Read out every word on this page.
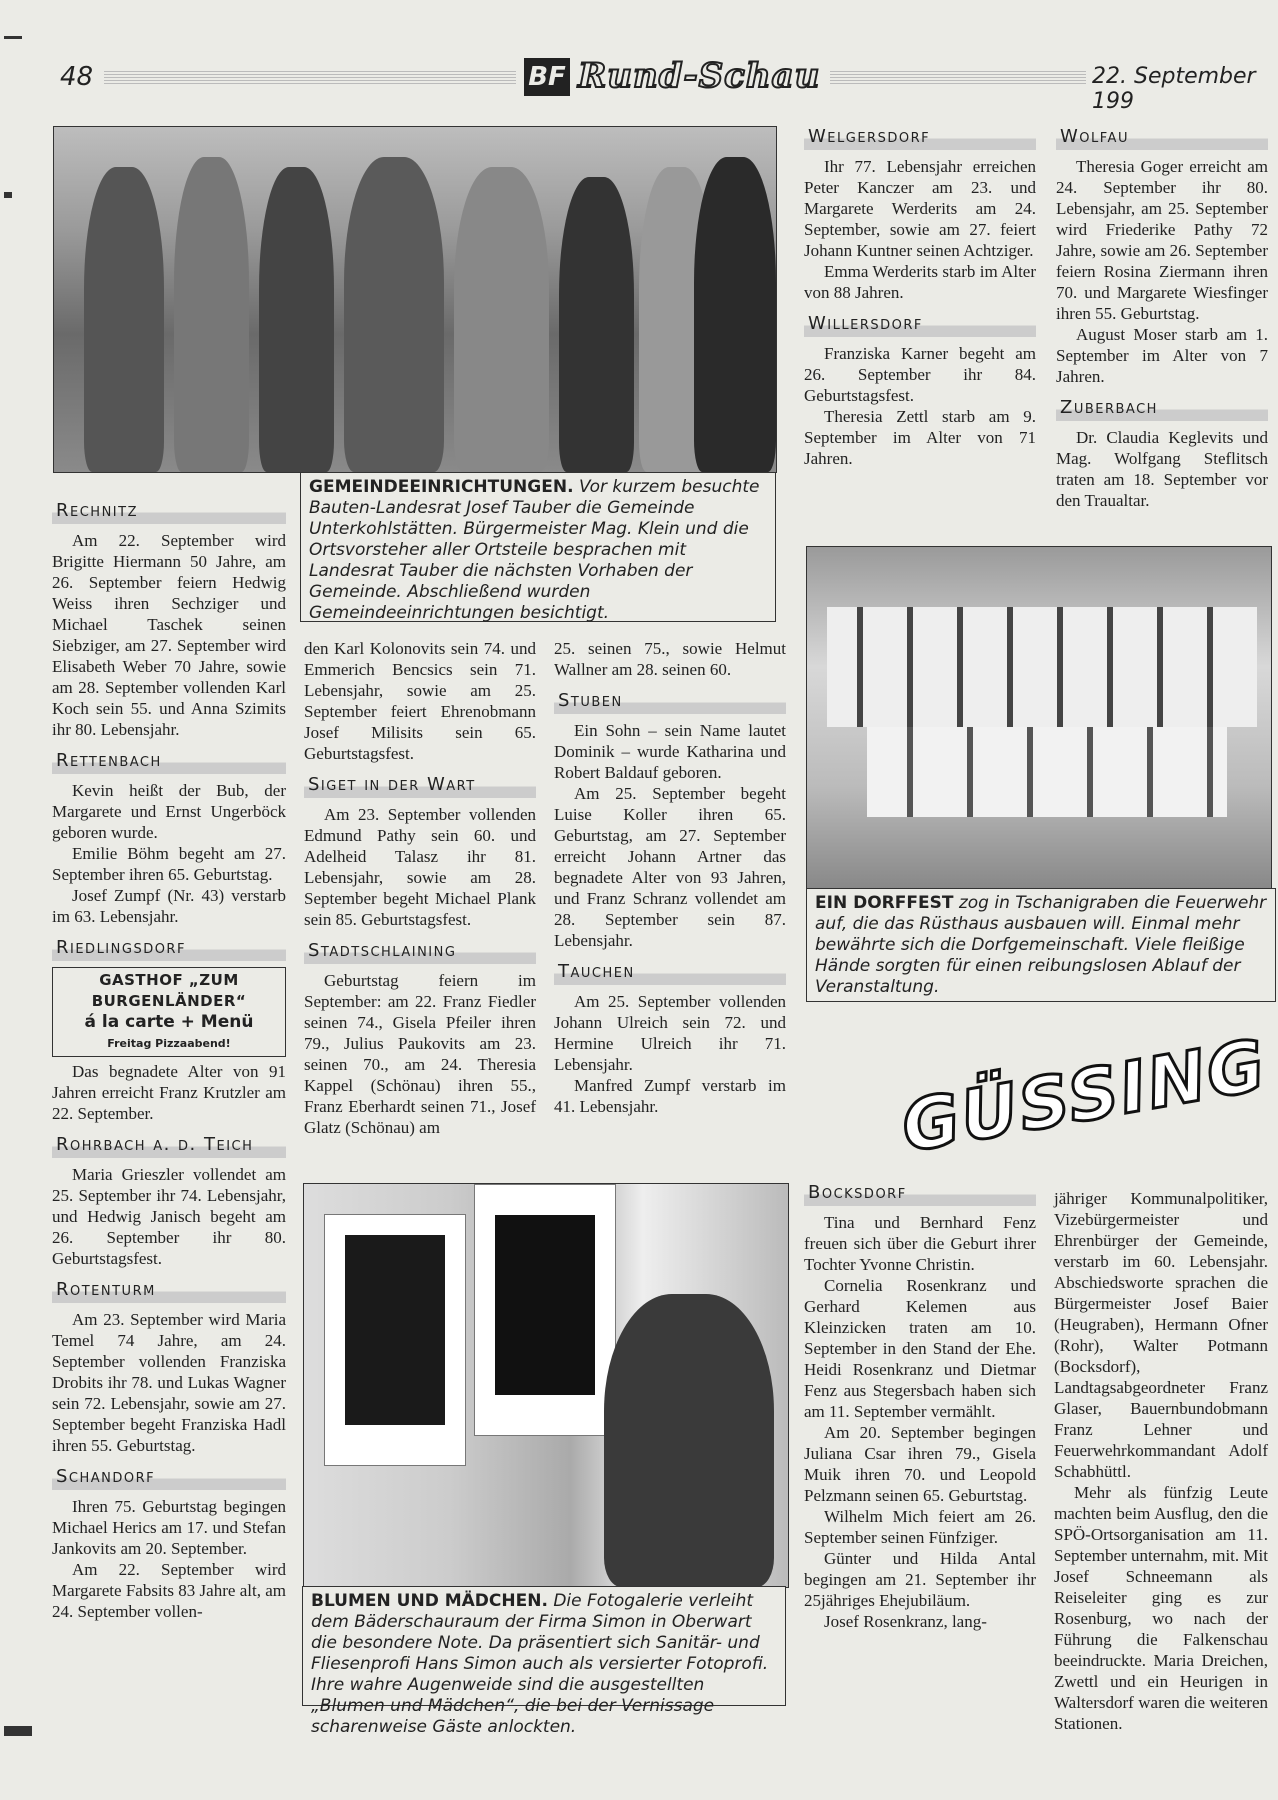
48	BF Rund-Schau	22. September 199
GEMEINDEEINRICHTUNGEN. Vor kurzem besuchte Bauten-Landesrat Josef Tauber die Gemeinde Unterkohlstätten. Bürgermeister Mag. Klein und die Ortsvorsteher aller Ortsteile besprachen mit Landesrat Tauber die nächsten Vorhaben der Gemeinde. Abschließend wurden Gemeindeeinrichtungen besichtigt.
Rechnitz

Am 22. September wird Brigitte Hiermann 50 Jahre, am 26. September feiern Hedwig Weiss ihren Sechziger und Michael Taschek seinen Siebziger, am 27. September wird Elisabeth Weber 70 Jahre, sowie am 28. September vollenden Karl Koch sein 55. und Anna Szimits ihr 80. Lebensjahr.

Rettenbach

Kevin heißt der Bub, der Margarete und Ernst Ungerböck geboren wurde.

Emilie Böhm begeht am 27. September ihren 65. Geburtstag.

Josef Zumpf (Nr. 43) verstarb im 63. Lebensjahr.

Riedlingsdorf
GASTHOF „ZUM BURGENLÄNDER“
á la carte + Menü
Freitag Pizzaabend!

Das begnadete Alter von 91 Jahren erreicht Franz Krutzler am 22. September.

Rohrbach a. d. Teich

Maria Grieszler vollendet am 25. September ihr 74. Lebensjahr, und Hedwig Janisch begeht am 26. September ihr 80. Geburtstagsfest.

Rotenturm

Am 23. September wird Maria Temel 74 Jahre, am 24. September vollenden Franziska Drobits ihr 78. und Lukas Wagner sein 72. Lebensjahr, sowie am 27. September begeht Franziska Hadl ihren 55. Geburtstag.

Schandorf

Ihren 75. Geburtstag begingen Michael Herics am 17. und Stefan Jankovits am 20. September.

Am 22. September wird Margarete Fabsits 83 Jahre alt, am 24. September vollen-

den Karl Kolonovits sein 74. und Emmerich Bencsics sein 71. Lebensjahr, sowie am 25. September feiert Ehrenobmann Josef Milisits sein 65. Geburtstagsfest.

Siget in der Wart

Am 23. September vollenden Edmund Pathy sein 60. und Adelheid Talasz ihr 81. Lebensjahr, sowie am 28. September begeht Michael Plank sein 85. Geburtstagsfest.

Stadtschlaining

Geburtstag feiern im September: am 22. Franz Fiedler seinen 74., Gisela Pfeiler ihren 79., Julius Paukovits am 23. seinen 70., am 24. Theresia Kappel (Schönau) ihren 55., Franz Eberhardt seinen 71., Josef Glatz (Schönau) am

25. seinen 75., sowie Helmut Wallner am 28. seinen 60.

Stuben

Ein Sohn – sein Name lautet Dominik – wurde Katharina und Robert Baldauf geboren.

Am 25. September begeht Luise Koller ihren 65. Geburtstag, am 27. September erreicht Johann Artner das begnadete Alter von 93 Jahren, und Franz Schranz vollendet am 28. September sein 87. Lebensjahr.

Tauchen

Am 25. September vollenden Johann Ulreich sein 72. und Hermine Ulreich ihr 71. Lebensjahr.

Manfred Zumpf verstarb im 41. Lebensjahr.

BLUMEN UND MÄDCHEN. Die Fotogalerie verleiht dem Bäderschauraum der Firma Simon in Oberwart die besondere Note. Da präsentiert sich Sanitär- und Fliesenprofi Hans Simon auch als versierter Fotoprofi. Ihre wahre Augenweide sind die ausgestellten „Blumen und Mädchen“, die bei der Vernissage scharenweise Gäste anlockten.
Welgersdorf

Ihr 77. Lebensjahr erreichen Peter Kanczer am 23. und Margarete Werderits am 24. September, sowie am 27. feiert Johann Kuntner seinen Achtziger.

Emma Werderits starb im Alter von 88 Jahren.

Willersdorf

Franziska Karner begeht am 26. September ihr 84. Geburtstagsfest.

Theresia Zettl starb am 9. September im Alter von 71 Jahren.

Wolfau

Theresia Goger erreicht am 24. September ihr 80. Lebensjahr, am 25. September wird Friederike Pathy 72 Jahre, sowie am 26. September feiern Rosina Ziermann ihren 70. und Margarete Wiesfinger ihren 55. Geburtstag.

August Moser starb am 1. September im Alter von 7 Jahren.

Zuberbach

Dr. Claudia Keglevits und Mag. Wolfgang Steflitsch traten am 18. September vor den Traualtar.

EIN DORFFEST zog in Tschanigraben die Feuerwehr auf, die das Rüsthaus ausbauen will. Einmal mehr bewährte sich die Dorfgemeinschaft. Viele fleißige Hände sorgten für einen reibungslosen Ablauf der Veranstaltung.
GÜSSING
Bocksdorf

Tina und Bernhard Fenz freuen sich über die Geburt ihrer Tochter Yvonne Christin.

Cornelia Rosenkranz und Gerhard Kelemen aus Kleinzicken traten am 10. September in den Stand der Ehe. Heidi Rosenkranz und Dietmar Fenz aus Stegersbach haben sich am 11. September vermählt.

Am 20. September begingen Juliana Csar ihren 79., Gisela Muik ihren 70. und Leopold Pelzmann seinen 65. Geburtstag.

Wilhelm Mich feiert am 26. September seinen Fünfziger.

Günter und Hilda Antal begingen am 21. September ihr 25jähriges Ehejubiläum.

Josef Rosenkranz, lang-

jähriger Kommunalpolitiker, Vizebürgermeister und Ehrenbürger der Gemeinde, verstarb im 60. Lebensjahr. Abschiedsworte sprachen die Bürgermeister Josef Baier (Heugraben), Hermann Ofner (Rohr), Walter Potmann (Bocksdorf), Landtagsabgeordneter Franz Glaser, Bauernbundobmann Franz Lehner und Feuerwehrkommandant Adolf Schabhüttl.

Mehr als fünfzig Leute machten beim Ausflug, den die SPÖ-Ortsorganisation am 11. September unternahm, mit. Mit Josef Schneemann als Reiseleiter ging es zur Rosenburg, wo nach der Führung die Falkenschau beeindruckte. Maria Dreichen, Zwettl und ein Heurigen in Waltersdorf waren die weiteren Stationen.
